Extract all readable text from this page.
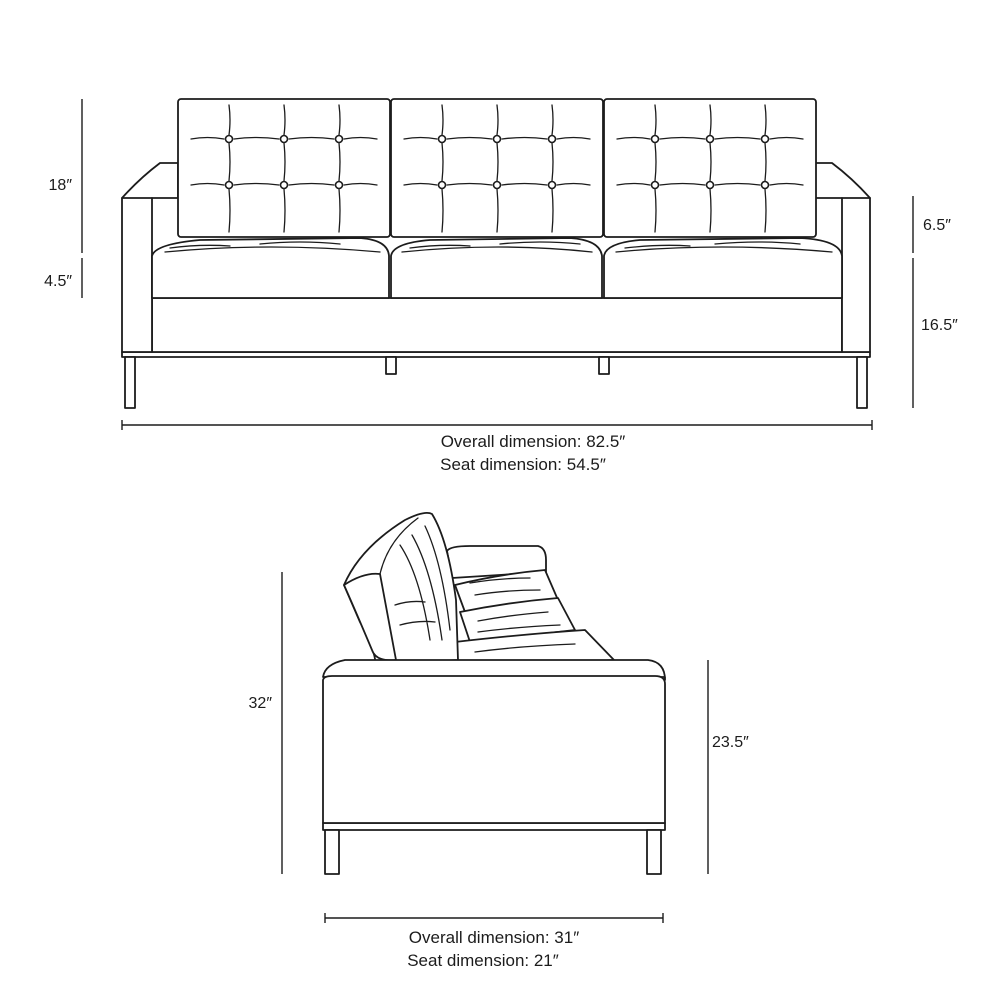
18″
4.5″
6.5″
16.5″
Overall dimension: 82.5″
Seat dimension: 54.5″
32″
23.5″
Overall dimension: 31″
Seat dimension: 21″
